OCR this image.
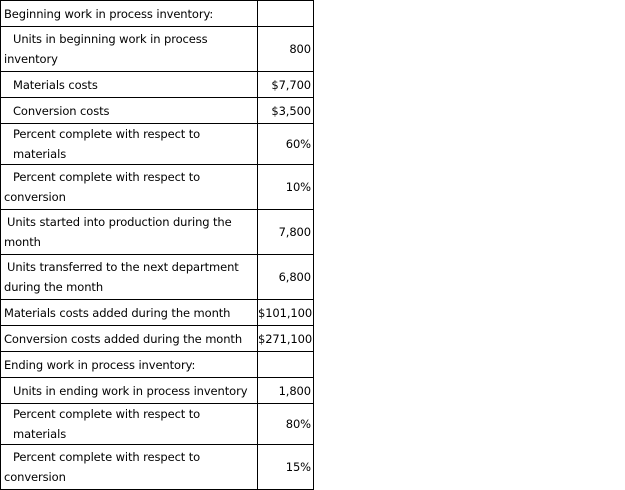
Beginning work in process inventory:	
Units in beginning work in process
inventory	800
Materials costs	$7,700
Conversion costs	$3,500
Percent complete with respect to materials	60%
Percent complete with respect to
conversion	10%
Units started into production during the
month	7,800
Units transferred to the next department
during the month	6,800
Materials costs added during the month	$101,100
Conversion costs added during the month	$271,100
Ending work in process inventory:	
Units in ending work in process inventory	1,800
Percent complete with respect to materials	80%
Percent complete with respect to
conversion	15%
